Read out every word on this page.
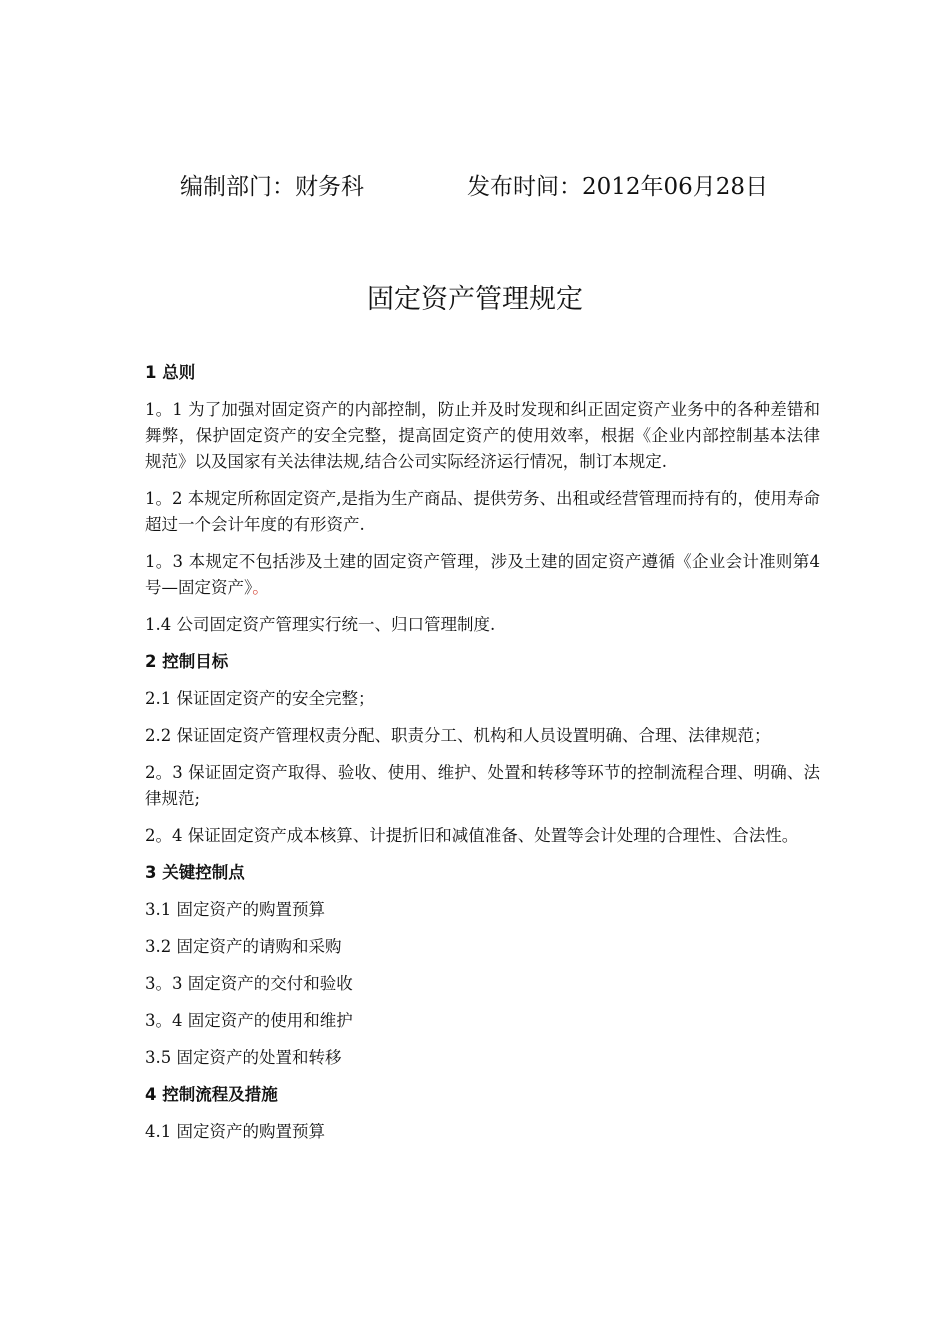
编制部门：财务科	发布时间：2012年06月28日
固定资产管理规定
1 总则
1。1 为了加强对固定资产的内部控制，防止并及时发现和纠正固定资产业务中的各种差错和舞弊，保护固定资产的安全完整，提高固定资产的使用效率，根据《企业内部控制基本法律规范》以及国家有关法律法规,结合公司实际经济运行情况，制订本规定.
1。2 本规定所称固定资产,是指为生产商品、提供劳务、出租或经营管理而持有的，使用寿命超过一个会计年度的有形资产.
1。3 本规定不包括涉及土建的固定资产管理，涉及土建的固定资产遵循《企业会计准则第4号—固定资产》。
1.4 公司固定资产管理实行统一、归口管理制度.
2 控制目标
2.1 保证固定资产的安全完整；
2.2 保证固定资产管理权责分配、职责分工、机构和人员设置明确、合理、法律规范；
2。3 保证固定资产取得、验收、使用、维护、处置和转移等环节的控制流程合理、明确、法律规范;
2。4 保证固定资产成本核算、计提折旧和减值准备、处置等会计处理的合理性、合法性。
3 关键控制点
3.1 固定资产的购置预算
3.2 固定资产的请购和采购
3。3 固定资产的交付和验收
3。4 固定资产的使用和维护
3.5 固定资产的处置和转移
4 控制流程及措施
4.1 固定资产的购置预算
